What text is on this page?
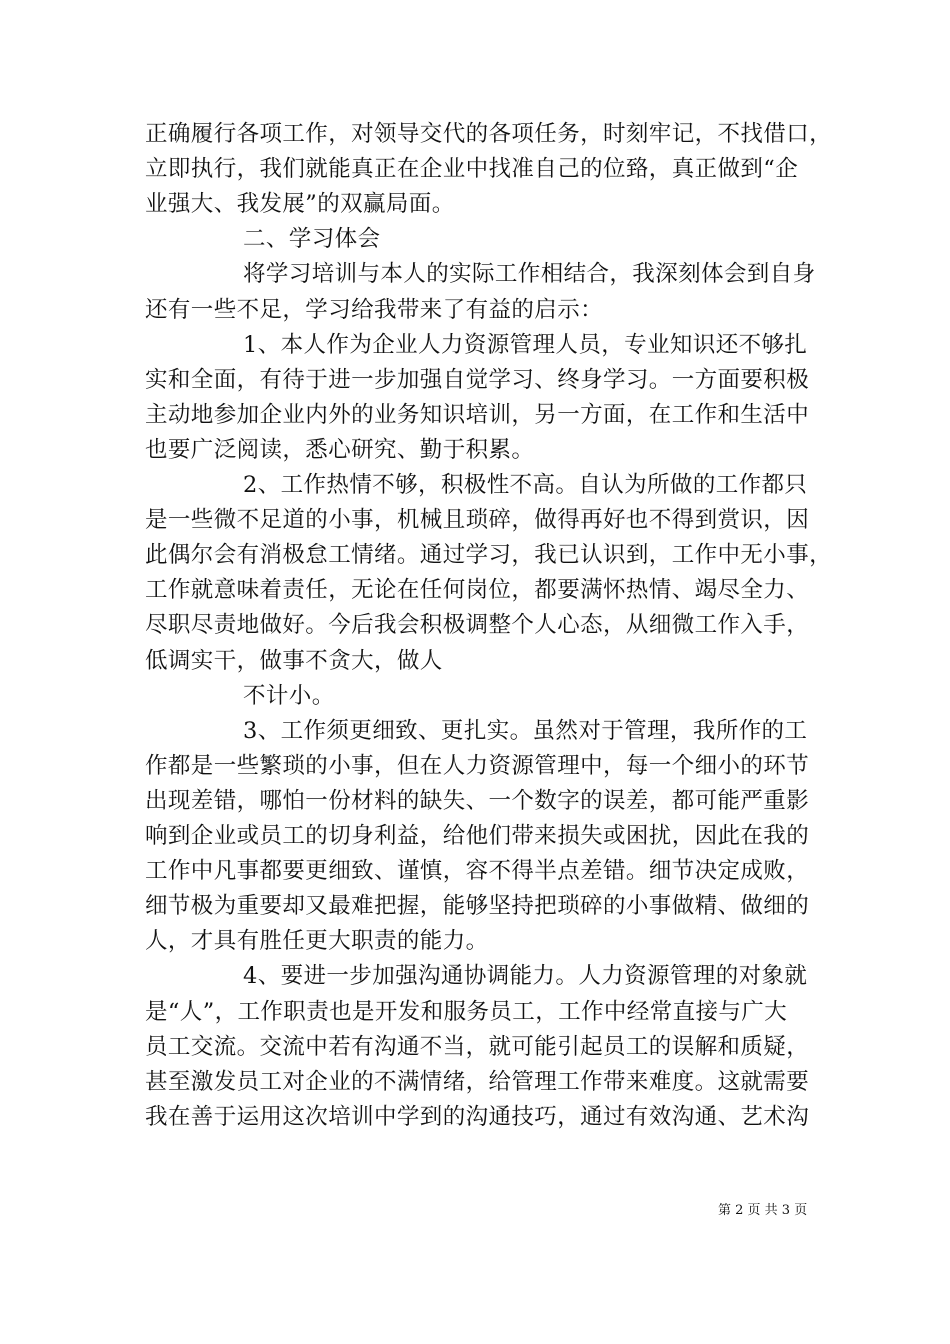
正确履行各项工作，对领导交代的各项任务，时刻牢记，不找借口，
立即执行，我们就能真正在企业中找准自己的位臵，真正做到“企
业强大、我发展”的双赢局面。
二、学习体会
将学习培训与本人的实际工作相结合，我深刻体会到自身
还有一些不足，学习给我带来了有益的启示：
1、本人作为企业人力资源管理人员，专业知识还不够扎
实和全面，有待于进一步加强自觉学习、终身学习。一方面要积极
主动地参加企业内外的业务知识培训，另一方面，在工作和生活中
也要广泛阅读，悉心研究、勤于积累。
2、工作热情不够，积极性不高。自认为所做的工作都只
是一些微不足道的小事，机械且琐碎，做得再好也不得到赏识，因
此偶尔会有消极怠工情绪。通过学习，我已认识到，工作中无小事，
工作就意味着责任，无论在任何岗位，都要满怀热情、竭尽全力、
尽职尽责地做好。今后我会积极调整个人心态，从细微工作入手，
低调实干，做事不贪大，做人
不计小。
3、工作须更细致、更扎实。虽然对于管理，我所作的工
作都是一些繁琐的小事，但在人力资源管理中，每一个细小的环节
出现差错，哪怕一份材料的缺失、一个数字的误差，都可能严重影
响到企业或员工的切身利益，给他们带来损失或困扰，因此在我的
工作中凡事都要更细致、谨慎，容不得半点差错。细节决定成败，
细节极为重要却又最难把握，能够坚持把琐碎的小事做精、做细的
人，才具有胜任更大职责的能力。
4、要进一步加强沟通协调能力。人力资源管理的对象就
是“人”，工作职责也是开发和服务员工，工作中经常直接与广大
员工交流。交流中若有沟通不当，就可能引起员工的误解和质疑，
甚至激发员工对企业的不满情绪，给管理工作带来难度。这就需要
我在善于运用这次培训中学到的沟通技巧，通过有效沟通、艺术沟
第 2 页 共 3 页
